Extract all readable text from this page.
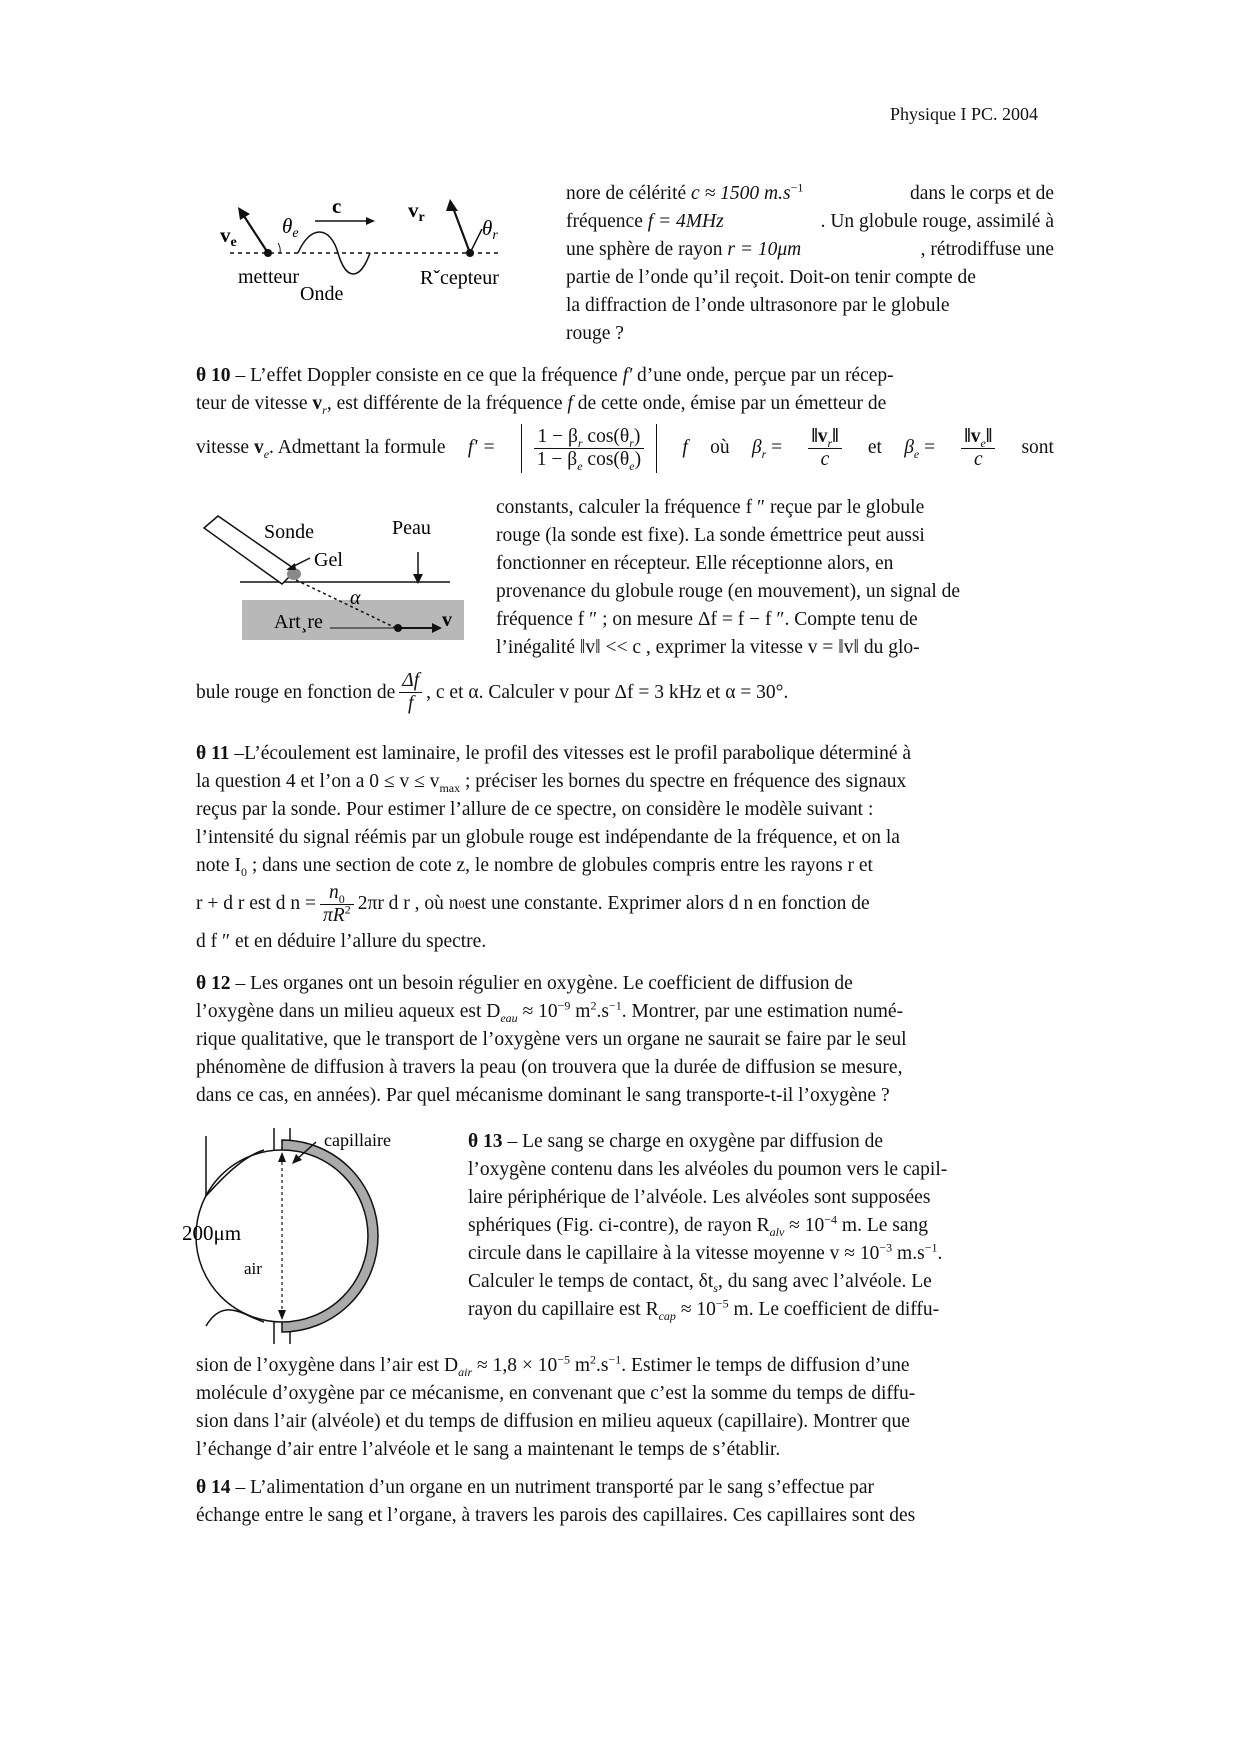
Physique I PC. 2004
ve
θe
c	vr	θr
metteur
Onde
Rˇcepteur
nore de célérité c ≈ 1500 $m.s^{-1}$	dans le corps et de
fréquence f = 4MHz	. Un globule rouge, assimilé à
une sphère de rayon r = 10μm	, rétrodiffuse une
partie de l’onde qu’il reçoit. Doit-on tenir compte de
la diffraction de l’onde ultrasonore par le globule
rouge ?
θ 10 – L’effet Doppler consiste en ce que la fréquence f' d’une onde, perçue par un récep-
teur de vitesse $v_r$, est différente de la fréquence f de cette onde, émise par un émetteur de
vitesse $v_e$. Admettant la formule $f' = \frac{1 - \beta_r \cos(\theta_r)}{1 - \beta_e \cos(\theta_e)}$ f où $\beta_r = \frac{‖v_r‖}{c}$ et $\beta_e = \frac{‖v_e‖}{c}$ sont
Sonde	Peau
Gel
α
Art¸re	v
constants, calculer la fréquence f ″ reçue par le globule
rouge (la sonde est fixe). La sonde émettrice peut aussi
fonctionner en récepteur. Elle réceptionne alors, en
provenance du globule rouge (en mouvement), un signal de
fréquence f ″ ; on mesure Δf = f − f ″. Compte tenu de
l’inégalité ‖v‖ << c , exprimer la vitesse v = ‖v‖ du glo-
bule rouge en fonction de $\frac{\Delta f}{f}$ , c et α. Calculer v pour Δf = 3 kHz et α = 30°.
θ 11 –L’écoulement est laminaire, le profil des vitesses est le profil parabolique déterminé à
la question 4 et l’on a $0 \le v \le v_{max}$ ; préciser les bornes du spectre en fréquence des signaux
reçus par la sonde. Pour estimer l’allure de ce spectre, on considère le modèle suivant :
l’intensité du signal réémis par un globule rouge est indépendante de la fréquence, et on la
note $I_0$ ; dans une section de cote z, le nombre de globules compris entre les rayons r et
r + d r est d $n = \frac{n_0}{\pi R^2} 2\pi r$ d r , où n 0 est une constante. Exprimer alors d n en fonction de
d f ″ et en déduire l’allure du spectre.
θ 12 – Les organes ont un besoin régulier en oxygène. Le coefficient de diffusion de
l’oxygène dans un milieu aqueux est $D_{eau} \approx 10^{-9}$ $m^2.s^{-1}$. Montrer, par une estimation numé-
rique qualitative, que le transport de l’oxygène vers un organe ne saurait se faire par le seul
phénomène de diffusion à travers la peau (on trouvera que la durée de diffusion se mesure,
dans ce cas, en années). Par quel mécanisme dominant le sang transporte-t-il l’oxygène ?
capillaire
200μm
air
θ 13 – Le sang se charge en oxygène par diffusion de
l’oxygène contenu dans les alvéoles du poumon vers le capil-
laire périphérique de l’alvéole. Les alvéoles sont supposées
sphériques (Fig. ci-contre), de rayon $R_{alv} \approx 10^{-4}$ m. Le sang
circule dans le capillaire à la vitesse moyenne $v \approx 10^{-3}$ $m.s^{-1}$.
Calculer le temps de contact, $\delta t_s$, du sang avec l’alvéole. Le
rayon du capillaire est $R_{cap} \approx 10^{-5}$ m. Le coefficient de diffu-
sion de l’oxygène dans l’air est $D_{air} \approx 1,8 \times 10^{-5}$ $m^2.s^{-1}$. Estimer le temps de diffusion d’une
molécule d’oxygène par ce mécanisme, en convenant que c’est la somme du temps de diffu-
sion dans l’air (alvéole) et du temps de diffusion en milieu aqueux (capillaire). Montrer que
l’échange d’air entre l’alvéole et le sang a maintenant le temps de s’établir.
θ 14 – L’alimentation d’un organe en un nutriment transporté par le sang s’effectue par
échange entre le sang et l’organe, à travers les parois des capillaires. Ces capillaires sont des
